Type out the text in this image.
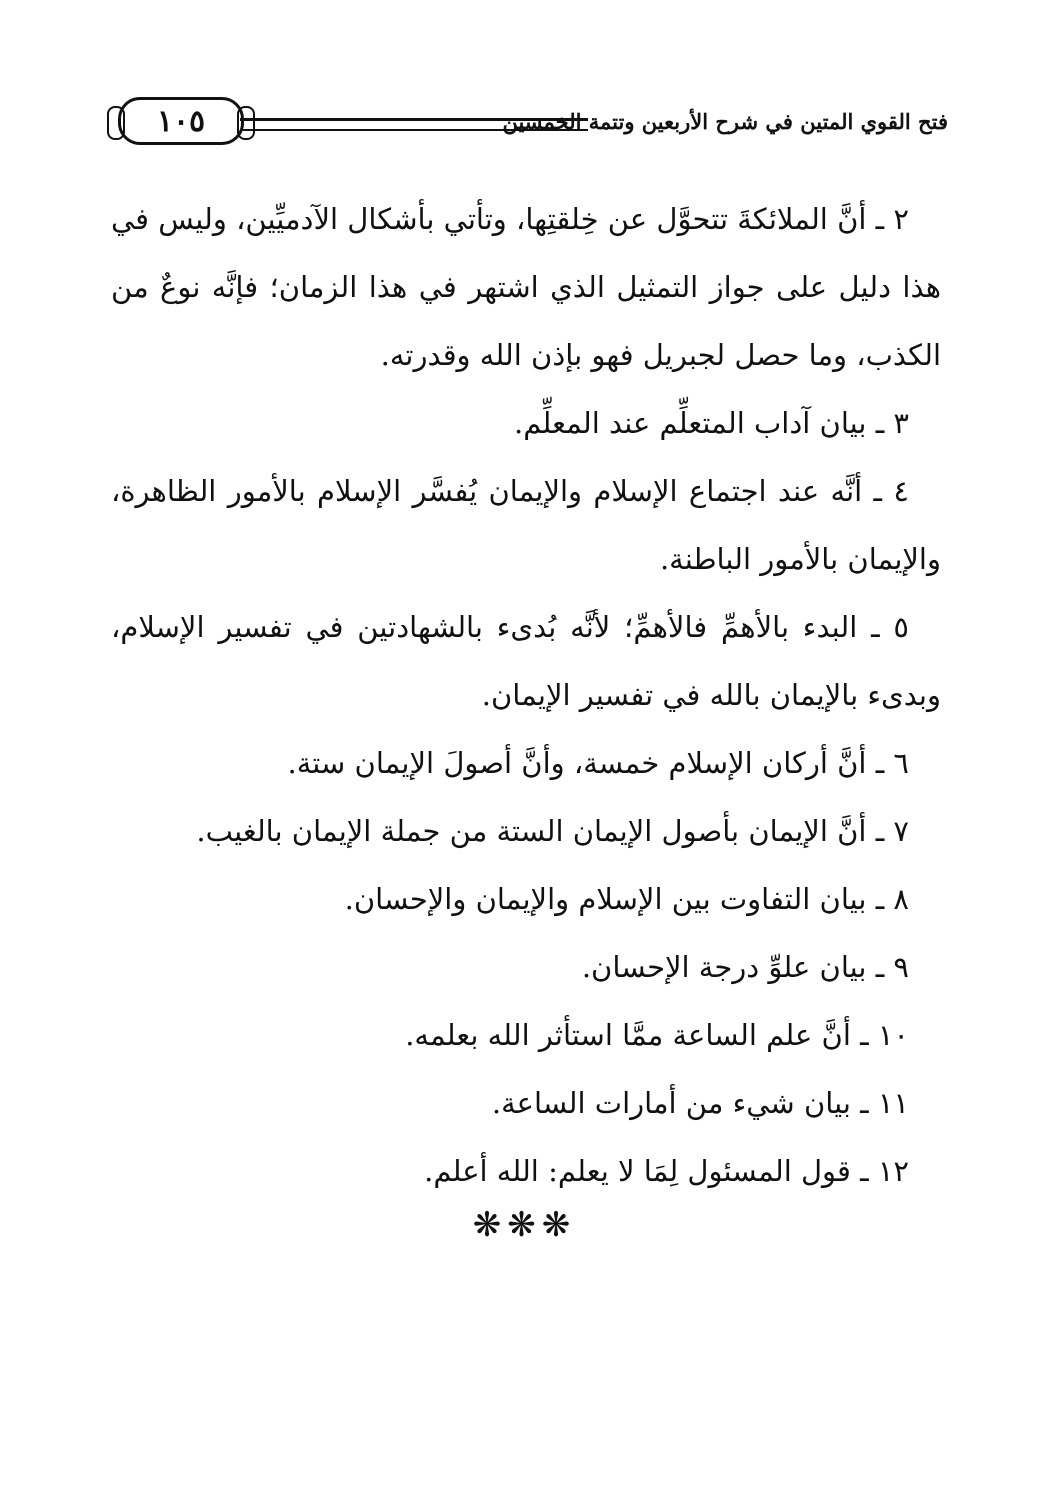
فتح القوي المتين في شرح الأربعين وتتمة الخمسين
١٠٥

٢ ـ أنَّ الملائكةَ تتحوَّل عن خِلقتِها، وتأتي بأشكال الآدميِّين، وليس في هذا دليل على جواز التمثيل الذي اشتهر في هذا الزمان؛ فإنَّه نوعٌ من الكذب، وما حصل لجبريل فهو بإذن الله وقدرته.

٣ ـ بيان آداب المتعلِّم عند المعلِّم.

٤ ـ أنَّه عند اجتماع الإسلام والإيمان يُفسَّر الإسلام بالأمور الظاهرة، والإيمان بالأمور الباطنة.

٥ ـ البدء بالأهمِّ فالأهمِّ؛ لأنَّه بُدىء بالشهادتين في تفسير الإسلام، وبدىء بالإيمان بالله في تفسير الإيمان.

٦ ـ أنَّ أركان الإسلام خمسة، وأنَّ أصولَ الإيمان ستة.

٧ ـ أنَّ الإيمان بأصول الإيمان الستة من جملة الإيمان بالغيب.

٨ ـ بيان التفاوت بين الإسلام والإيمان والإحسان.

٩ ـ بيان علوِّ درجة الإحسان.

١٠ ـ أنَّ علم الساعة ممَّا استأثر الله بعلمه.

١١ ـ بيان شيء من أمارات الساعة.

١٢ ـ قول المسئول لِمَا لا يعلم: الله أعلم.

❋❋❋
